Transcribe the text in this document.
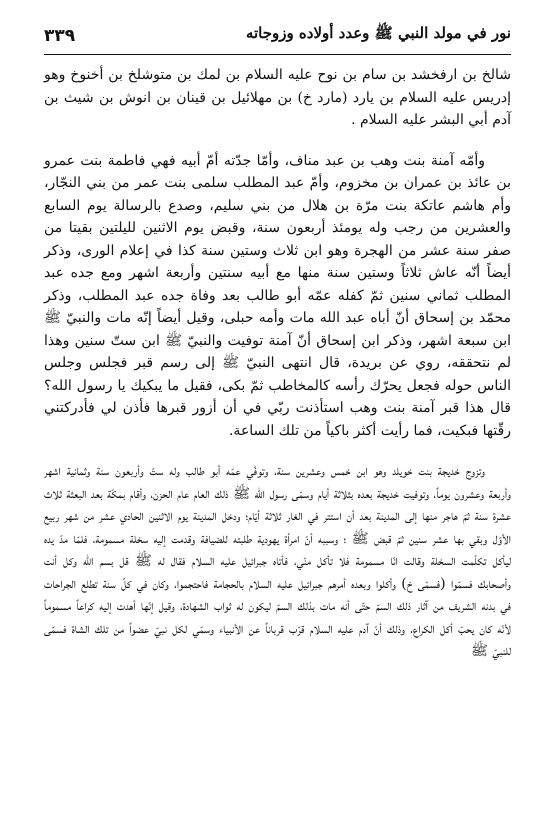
نور في مولد النبي ﷺ وعدد أولاده وزوجاته
٣٣٩

شالخ بن ارفخشد بن سام بن نوح عليه السلام بن لمك بن متوشلخ بن أخنوخ وهو إدريس عليه السلام بن يارد (مارد خ) بن مهلائيل بن قينان بن انوش بن شيث بن آدم أبي البشر عليه السلام .

وأمّه آمنة بنت وهب بن عبد مناف، وأمّا جدّته أمّ أبيه فهي فاطمة بنت عمرو بن عائذ بن عمران بن مخزوم، وأمّ عبد المطلب سلمى بنت عمر من بني النجّار، وأم هاشم عاتكة بنت مرّة بن هلال من بني سليم، وصدع بالرسالة يوم السابع والعشرين من رجب وله يومئذ أربعون سنة، وقبض يوم الاثنين لليلتين بقيتا من صفر سنة عشر من الهجرة وهو ابن ثلاث وستين سنة كذا في إعلام الورى، وذكر أيضاً أنّه عاش ثلاثاً وستين سنة منها مع أبيه سنتين وأربعة اشهر ومع جده عبد المطلب ثماني سنين ثمّ كفله عمّه أبو طالب بعد وفاة جده عبد المطلب، وذكر محمّد بن إسحاق أنّ أباه عبد الله مات وأمه حبلى، وقيل أيضاً إنّه مات والنبيّ ﷺ ابن سبعة اشهر، وذكر ابن إسحاق أنّ آمنة توفيت والنبيّ ﷺ ابن ستّ سنين وهذا لم نتحققه، روي عن بريدة، قال انتهى النبيّ ﷺ إلى رسم قبر فجلس وجلس الناس حوله فجعل يحرّك رأسه كالمخاطب ثمّ بكى، فقيل ما يبكيك يا رسول الله؟ قال هذا قبر آمنة بنت وهب استأذنت ربّي في أن أزور قبرها فأذن لي فأدركتني رقّتها فبكيت، فما رأيت أكثر باكياً من تلك الساعة.

وتزوج خديجة بنت خويلد وهو ابن خمس وعشرين سنة، وتوفّي عمّه أبو طالب وله ستّ وأربعون سنة وثمانية اشهر وأربعة وعشرون يوماً، وتوفيت خديجة بعده بثلاثة أيام وسمّى رسول الله ﷺ ذلك العام عام الحزن، وأقام بمكّة بعد البعثة ثلاث عشرة سنة ثمّ هاجر منها إلى المدينة بعد أن استتر في الغار ثلاثة أيّام؛ ودخل المدينة يوم الاثنين الحادي عشر من شهر ربيع الأوّل وبقي بها عشر سنين ثمّ قبض ﷺ ؛ وسببه أنّ امرأة يهودية طلبته للضيافة وقدمت إليه سخلة مسمومة، فلمّا مدّ يده ليأكل تكلّمت السخلة وقالت انّا مسمومة فلا تأكل منّي، فأتاه جبرائيل عليه السلام فقال له ﷺ قل بسم الله وكل أنت وأصحابك فسمّوا (فسمّى خ) وأكلوا وبعده أمرهم جبرائيل عليه السلام بالحجامة فاحتجموا، وكان في كلّ سنة تطلع الجراحات في بدنه الشريف من آثار ذلك السمّ حتّى أنه مات بذلك السمّ ليكون له ثواب الشهادة، وقيل إنّها أهدت إليه كراعاً مسموماً لأنّه كان يحبّ أكل الكراع، وذلك أنّ آدم عليه السلام قرّب قرباناً عن الأنبياء وسمّي لكل نبيّ عضواً من تلك الشاة فسمّى للنبيّ ﷺ
